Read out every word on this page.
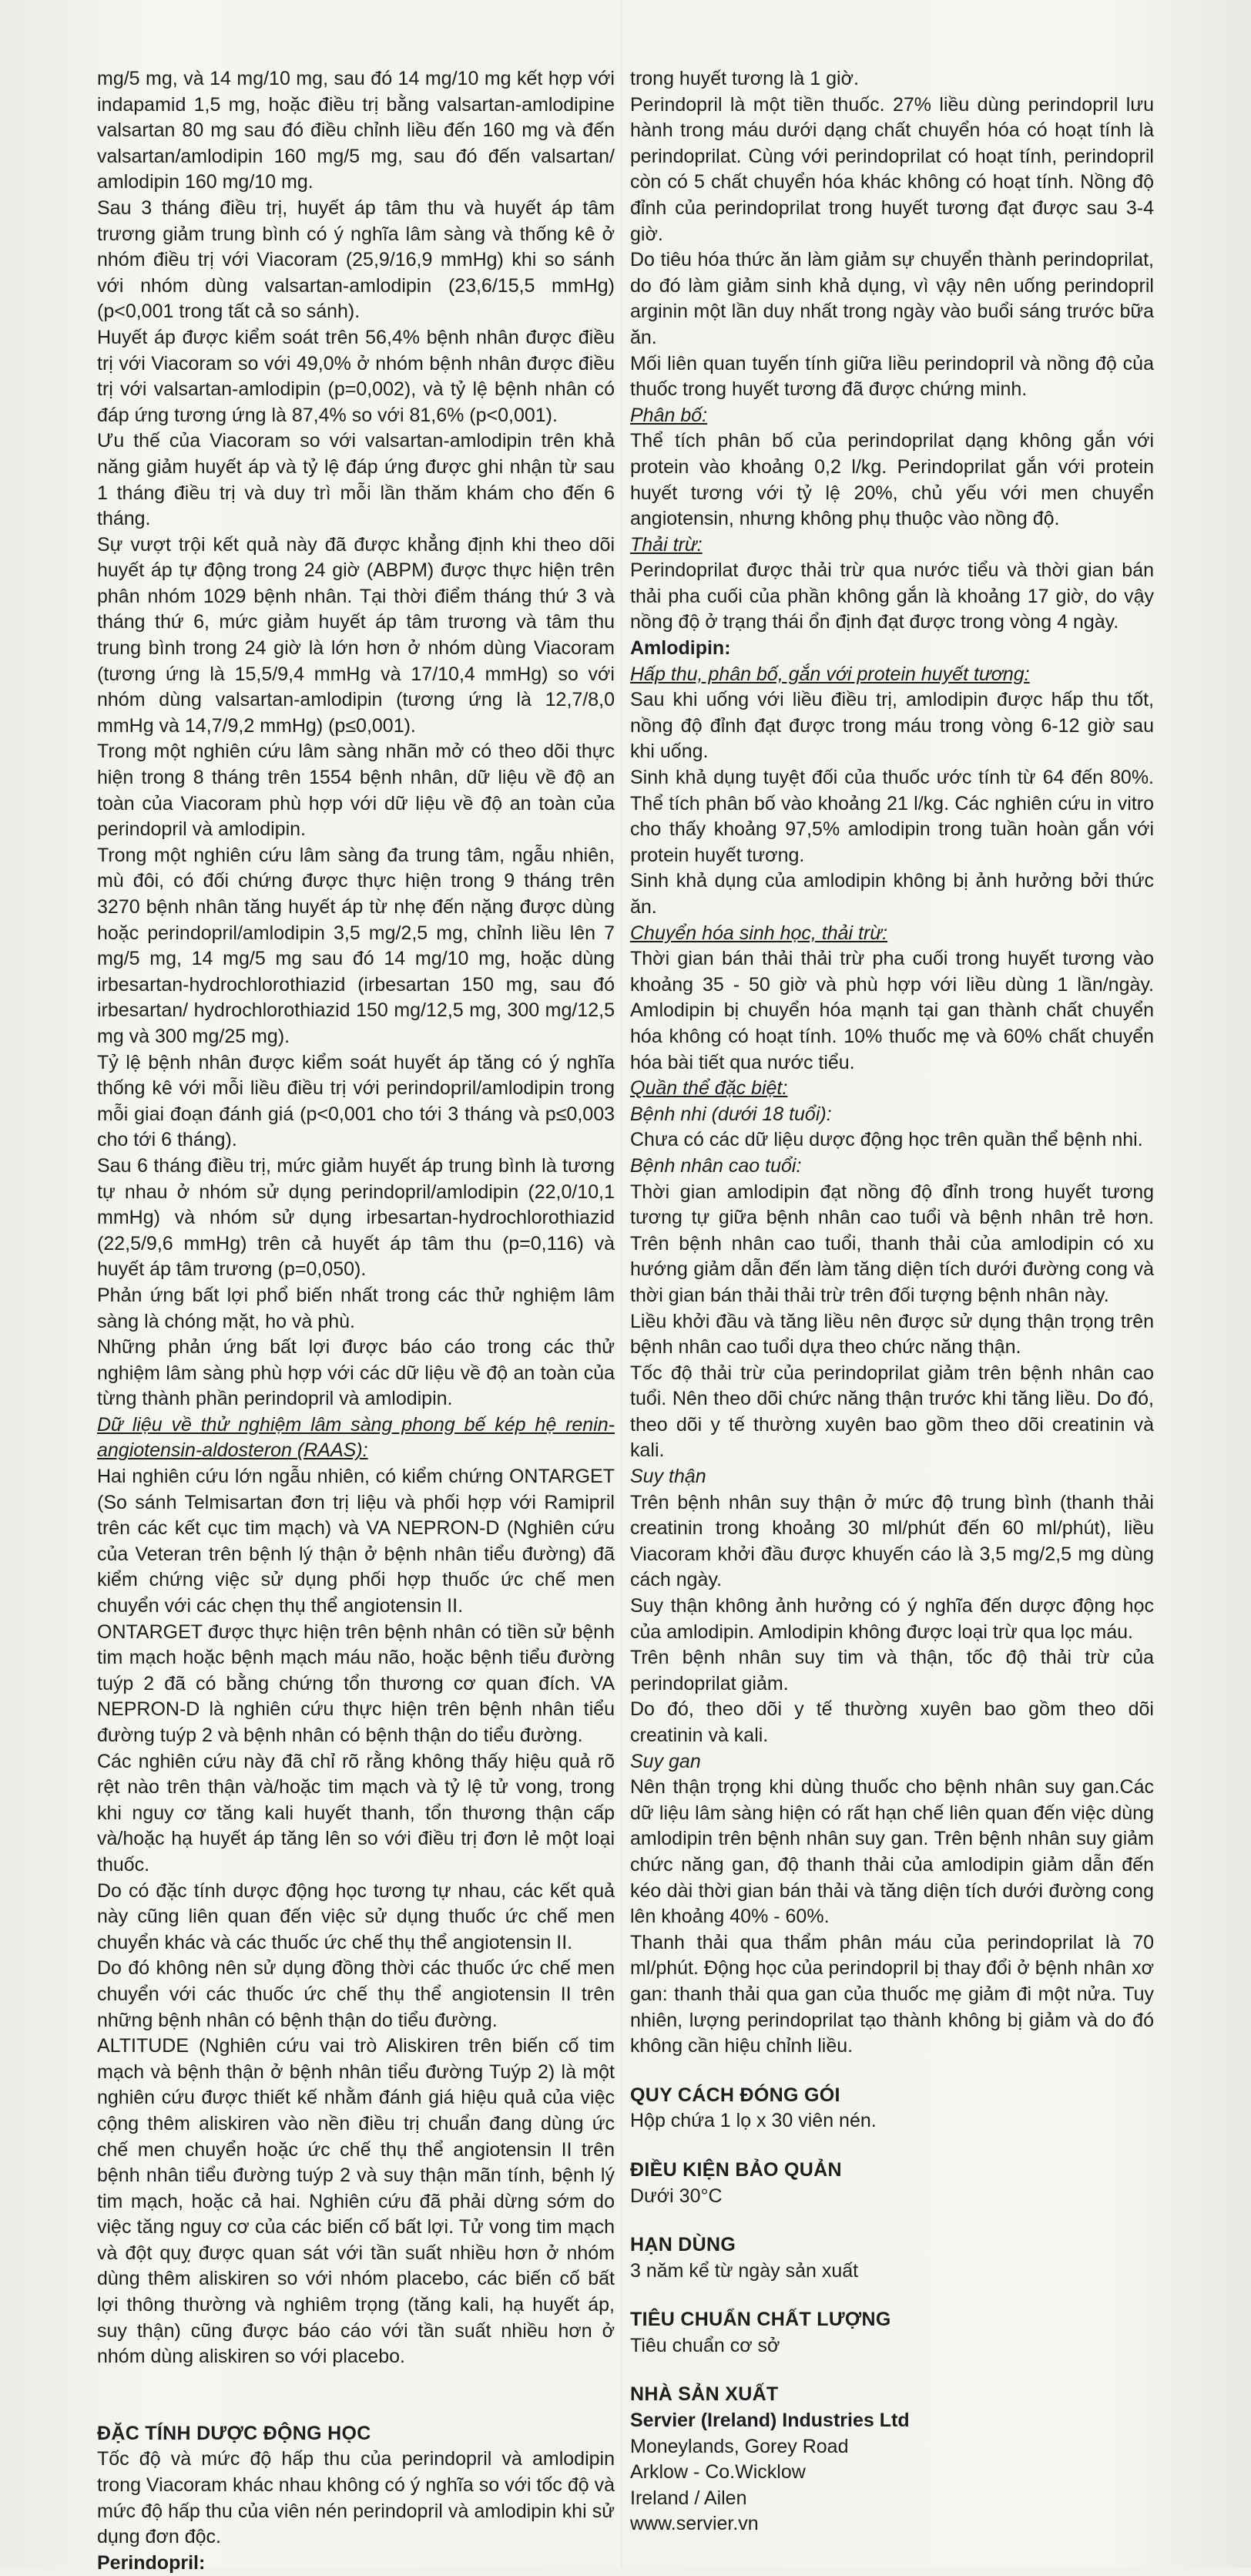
mg/5 mg, và 14 mg/10 mg, sau đó 14 mg/10 mg kết hợp với indapamid 1,5 mg, hoặc điều trị bằng valsartan-amlodipine valsartan 80 mg sau đó điều chỉnh liều đến 160 mg và đến valsartan/amlodipin 160 mg/5 mg, sau đó đến valsartan/ amlodipin 160 mg/10 mg.

Sau 3 tháng điều trị, huyết áp tâm thu và huyết áp tâm trương giảm trung bình có ý nghĩa lâm sàng và thống kê ở nhóm điều trị với Viacoram (25,9/16,9 mmHg) khi so sánh với nhóm dùng valsartan-amlodipin (23,6/15,5 mmHg) (p<0,001 trong tất cả so sánh).

Huyết áp được kiểm soát trên 56,4% bệnh nhân được điều trị với Viacoram so với 49,0% ở nhóm bệnh nhân được điều trị với valsartan-amlodipin (p=0,002), và tỷ lệ bệnh nhân có đáp ứng tương ứng là 87,4% so với 81,6% (p<0,001).

Ưu thế của Viacoram so với valsartan-amlodipin trên khả năng giảm huyết áp và tỷ lệ đáp ứng được ghi nhận từ sau 1 tháng điều trị và duy trì mỗi lần thăm khám cho đến 6 tháng.

Sự vượt trội kết quả này đã được khẳng định khi theo dõi huyết áp tự động trong 24 giờ (ABPM) được thực hiện trên phân nhóm 1029 bệnh nhân. Tại thời điểm tháng thứ 3 và tháng thứ 6, mức giảm huyết áp tâm trương và tâm thu trung bình trong 24 giờ là lớn hơn ở nhóm dùng Viacoram (tương ứng là 15,5/9,4 mmHg và 17/10,4 mmHg) so với nhóm dùng valsartan-amlodipin (tương ứng là 12,7/8,0 mmHg và 14,7/9,2 mmHg) (p≤0,001).

Trong một nghiên cứu lâm sàng nhãn mở có theo dõi thực hiện trong 8 tháng trên 1554 bệnh nhân, dữ liệu về độ an toàn của Viacoram phù hợp với dữ liệu về độ an toàn của perindopril và amlodipin.

Trong một nghiên cứu lâm sàng đa trung tâm, ngẫu nhiên, mù đôi, có đối chứng được thực hiện trong 9 tháng trên 3270 bệnh nhân tăng huyết áp từ nhẹ đến nặng được dùng hoặc perindopril/amlodipin 3,5 mg/2,5 mg, chỉnh liều lên 7 mg/5 mg, 14 mg/5 mg sau đó 14 mg/10 mg, hoặc dùng irbesartan-hydrochlorothiazid (irbesartan 150 mg, sau đó irbesartan/ hydrochlorothiazid 150 mg/12,5 mg, 300 mg/12,5 mg và 300 mg/25 mg).

Tỷ lệ bệnh nhân được kiểm soát huyết áp tăng có ý nghĩa thống kê với mỗi liều điều trị với perindopril/amlodipin trong mỗi giai đoạn đánh giá (p<0,001 cho tới 3 tháng và p≤0,003 cho tới 6 tháng).

Sau 6 tháng điều trị, mức giảm huyết áp trung bình là tương tự nhau ở nhóm sử dụng perindopril/amlodipin (22,0/10,1 mmHg) và nhóm sử dụng irbesartan-hydrochlorothiazid (22,5/9,6 mmHg) trên cả huyết áp tâm thu (p=0,116) và huyết áp tâm trương (p=0,050).

Phản ứng bất lợi phổ biến nhất trong các thử nghiệm lâm sàng là chóng mặt, ho và phù.

Những phản ứng bất lợi được báo cáo trong các thử nghiệm lâm sàng phù hợp với các dữ liệu về độ an toàn của từng thành phần perindopril và amlodipin.

Dữ liệu về thử nghiệm lâm sàng phong bế kép hệ renin-angiotensin-aldosteron (RAAS):

Hai nghiên cứu lớn ngẫu nhiên, có kiểm chứng ONTARGET (So sánh Telmisartan đơn trị liệu và phối hợp với Ramipril trên các kết cục tim mạch) và VA NEPRON-D (Nghiên cứu của Veteran trên bệnh lý thận ở bệnh nhân tiểu đường) đã kiểm chứng việc sử dụng phối hợp thuốc ức chế men chuyển với các chẹn thụ thể angiotensin II.

ONTARGET được thực hiện trên bệnh nhân có tiền sử bệnh tim mạch hoặc bệnh mạch máu não, hoặc bệnh tiểu đường tuýp 2 đã có bằng chứng tổn thương cơ quan đích. VA NEPRON-D là nghiên cứu thực hiện trên bệnh nhân tiểu đường tuýp 2 và bệnh nhân có bệnh thận do tiểu đường.

Các nghiên cứu này đã chỉ rõ rằng không thấy hiệu quả rõ rệt nào trên thận và/hoặc tim mạch và tỷ lệ tử vong, trong khi nguy cơ tăng kali huyết thanh, tổn thương thận cấp và/hoặc hạ huyết áp tăng lên so với điều trị đơn lẻ một loại thuốc.

Do có đặc tính dược động học tương tự nhau, các kết quả này cũng liên quan đến việc sử dụng thuốc ức chế men chuyển khác và các thuốc ức chế thụ thể angiotensin II.

Do đó không nên sử dụng đồng thời các thuốc ức chế men chuyển với các thuốc ức chế thụ thể angiotensin II trên những bệnh nhân có bệnh thận do tiểu đường.

ALTITUDE (Nghiên cứu vai trò Aliskiren trên biến cố tim mạch và bệnh thận ở bệnh nhân tiểu đường Tuýp 2) là một nghiên cứu được thiết kế nhằm đánh giá hiệu quả của việc cộng thêm aliskiren vào nền điều trị chuẩn đang dùng ức chế men chuyển hoặc ức chế thụ thể angiotensin II trên bệnh nhân tiểu đường tuýp 2 và suy thận mãn tính, bệnh lý tim mạch, hoặc cả hai. Nghiên cứu đã phải dừng sớm do việc tăng nguy cơ của các biến cố bất lợi. Tử vong tim mạch và đột quỵ được quan sát với tần suất nhiều hơn ở nhóm dùng thêm aliskiren so với nhóm placebo, các biến cố bất lợi thông thường và nghiêm trọng (tăng kali, hạ huyết áp, suy thận) cũng được báo cáo với tần suất nhiều hơn ở nhóm dùng aliskiren so với placebo.

ĐẶC TÍNH DƯỢC ĐỘNG HỌC

Tốc độ và mức độ hấp thu của perindopril và amlodipin trong Viacoram khác nhau không có ý nghĩa so với tốc độ và mức độ hấp thu của viên nén perindopril và amlodipin khi sử dụng đơn độc.

Perindopril:

trong huyết tương là 1 giờ.

Perindopril là một tiền thuốc. 27% liều dùng perindopril lưu hành trong máu dưới dạng chất chuyển hóa có hoạt tính là perindoprilat. Cùng với perindoprilat có hoạt tính, perindopril còn có 5 chất chuyển hóa khác không có hoạt tính. Nồng độ đỉnh của perindoprilat trong huyết tương đạt được sau 3-4 giờ.

Do tiêu hóa thức ăn làm giảm sự chuyển thành perindoprilat, do đó làm giảm sinh khả dụng, vì vậy nên uống perindopril arginin một lần duy nhất trong ngày vào buổi sáng trước bữa ăn.

Mối liên quan tuyến tính giữa liều perindopril và nồng độ của thuốc trong huyết tương đã được chứng minh.

Phân bố:

Thể tích phân bố của perindoprilat dạng không gắn với protein vào khoảng 0,2 l/kg. Perindoprilat gắn với protein huyết tương với tỷ lệ 20%, chủ yếu với men chuyển angiotensin, nhưng không phụ thuộc vào nồng độ.

Thải trừ:

Perindoprilat được thải trừ qua nước tiểu và thời gian bán thải pha cuối của phần không gắn là khoảng 17 giờ, do vậy nồng độ ở trạng thái ổn định đạt được trong vòng 4 ngày.

Amlodipin:

Hấp thu, phân bố, gắn với protein huyết tương:

Sau khi uống với liều điều trị, amlodipin được hấp thu tốt, nồng độ đỉnh đạt được trong máu trong vòng 6-12 giờ sau khi uống.

Sinh khả dụng tuyệt đối của thuốc ước tính từ 64 đến 80%. Thể tích phân bố vào khoảng 21 l/kg. Các nghiên cứu in vitro cho thấy khoảng 97,5% amlodipin trong tuần hoàn gắn với protein huyết tương.

Sinh khả dụng của amlodipin không bị ảnh hưởng bởi thức ăn.

Chuyển hóa sinh học, thải trừ:

Thời gian bán thải thải trừ pha cuối trong huyết tương vào khoảng 35 - 50 giờ và phù hợp với liều dùng 1 lần/ngày. Amlodipin bị chuyển hóa mạnh tại gan thành chất chuyển hóa không có hoạt tính. 10% thuốc mẹ và 60% chất chuyển hóa bài tiết qua nước tiểu.

Quần thể đặc biệt:

Bệnh nhi (dưới 18 tuổi):

Chưa có các dữ liệu dược động học trên quần thể bệnh nhi.

Bệnh nhân cao tuổi:

Thời gian amlodipin đạt nồng độ đỉnh trong huyết tương tương tự giữa bệnh nhân cao tuổi và bệnh nhân trẻ hơn. Trên bệnh nhân cao tuổi, thanh thải của amlodipin có xu hướng giảm dẫn đến làm tăng diện tích dưới đường cong và thời gian bán thải thải trừ trên đối tượng bệnh nhân này.

Liều khởi đầu và tăng liều nên được sử dụng thận trọng trên bệnh nhân cao tuổi dựa theo chức năng thận.

Tốc độ thải trừ của perindoprilat giảm trên bệnh nhân cao tuổi. Nên theo dõi chức năng thận trước khi tăng liều. Do đó, theo dõi y tế thường xuyên bao gồm theo dõi creatinin và kali.

Suy thận

Trên bệnh nhân suy thận ở mức độ trung bình (thanh thải creatinin trong khoảng 30 ml/phút đến 60 ml/phút), liều Viacoram khởi đầu được khuyến cáo là 3,5 mg/2,5 mg dùng cách ngày.

Suy thận không ảnh hưởng có ý nghĩa đến dược động học của amlodipin. Amlodipin không được loại trừ qua lọc máu.

Trên bệnh nhân suy tim và thận, tốc độ thải trừ của perindoprilat giảm.

Do đó, theo dõi y tế thường xuyên bao gồm theo dõi creatinin và kali.

Suy gan

Nên thận trọng khi dùng thuốc cho bệnh nhân suy gan.Các dữ liệu lâm sàng hiện có rất hạn chế liên quan đến việc dùng amlodipin trên bệnh nhân suy gan. Trên bệnh nhân suy giảm chức năng gan, độ thanh thải của amlodipin giảm dẫn đến kéo dài thời gian bán thải và tăng diện tích dưới đường cong lên khoảng 40% - 60%.

Thanh thải qua thẩm phân máu của perindoprilat là 70 ml/phút. Động học của perindopril bị thay đổi ở bệnh nhân xơ gan: thanh thải qua gan của thuốc mẹ giảm đi một nửa. Tuy nhiên, lượng perindoprilat tạo thành không bị giảm và do đó không cần hiệu chỉnh liều.

QUY CÁCH ĐÓNG GÓI

Hộp chứa 1 lọ x 30 viên nén.

ĐIỀU KIỆN BẢO QUẢN

Dưới 30°C

HẠN DÙNG

3 năm kể từ ngày sản xuất

TIÊU CHUẨN CHẤT LƯỢNG

Tiêu chuẩn cơ sở

NHÀ SẢN XUẤT

Servier (Ireland) Industries Ltd

Moneylands, Gorey Road

Arklow - Co.Wicklow

Ireland / Ailen

www.servier.vn
